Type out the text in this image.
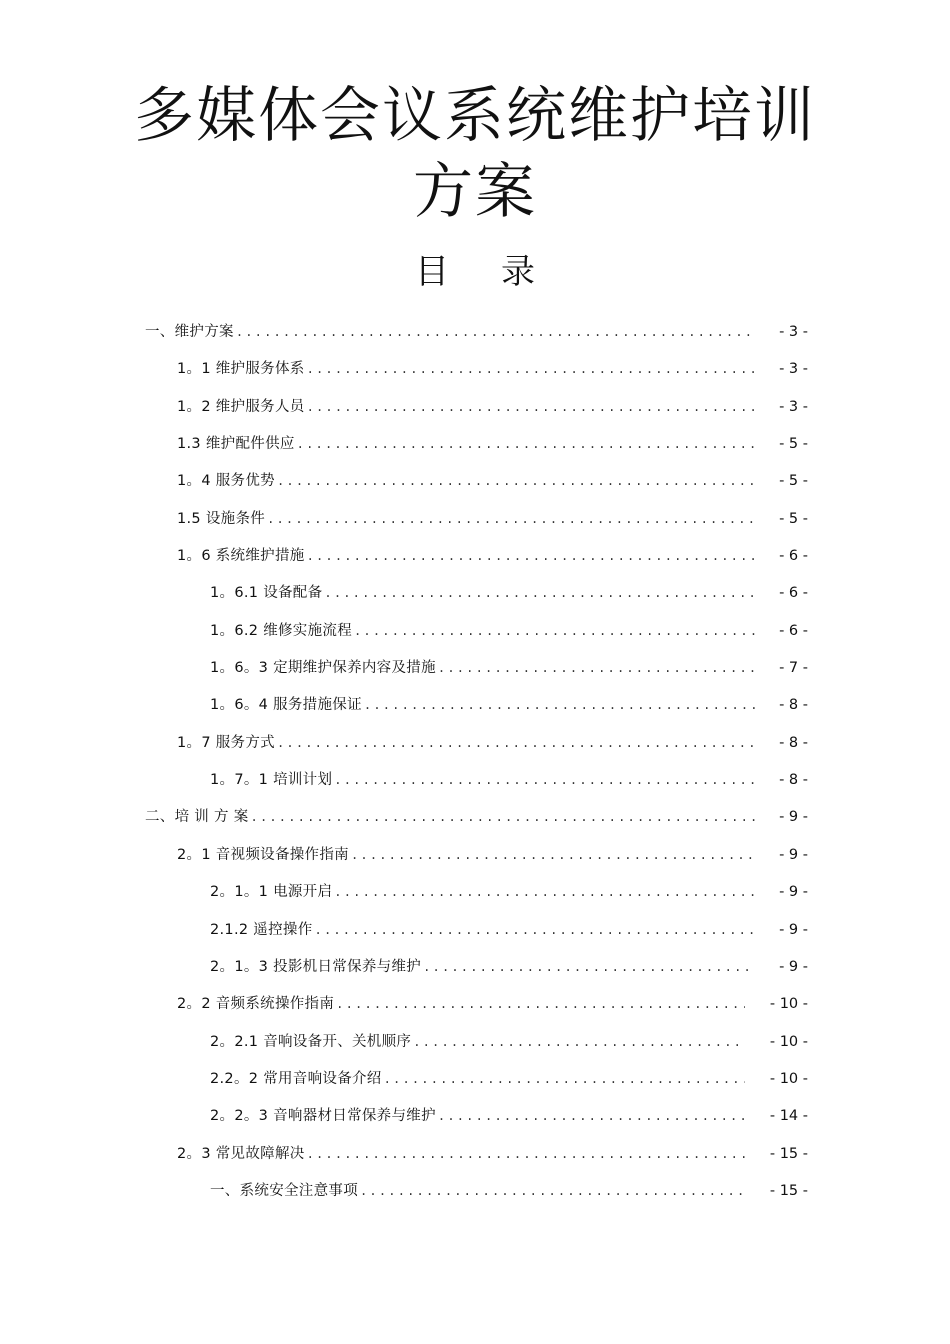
多媒体会议系统维护培训
方案
目 录
一、维护方案 .....	- 3 -
1。1 维护服务体系 .....	- 3 -
1。2 维护服务人员 .....	- 3 -
1.3 维护配件供应 .....	- 5 -
1。4 服务优势 .....	- 5 -
1.5 设施条件 .....	- 5 -
1。6 系统维护措施 .....	- 6 -
1。6.1 设备配备 .....	- 6 -
1。6.2 维修实施流程 .....	- 6 -
1。6。3 定期维护保养内容及措施 .....	- 7 -
1。6。4 服务措施保证 .....	- 8 -
1。7 服务方式 .....	- 8 -
1。7。1 培训计划 .....	- 8 -
二、培 训 方 案 .....	- 9 -
2。1 音视频设备操作指南 .....	- 9 -
2。1。1 电源开启 .....	- 9 -
2.1.2 遥控操作 .....	- 9 -
2。1。3 投影机日常保养与维护 .....	- 9 -
2。2 音频系统操作指南 .....	- 10 -
2。2.1 音响设备开、关机顺序 .....	- 10 -
2.2。2 常用音响设备介绍 .....	- 10 -
2。2。3 音响器材日常保养与维护 .....	- 14 -
2。3 常见故障解决 .....	- 15 -
一、系统安全注意事项 .....	- 15 -
